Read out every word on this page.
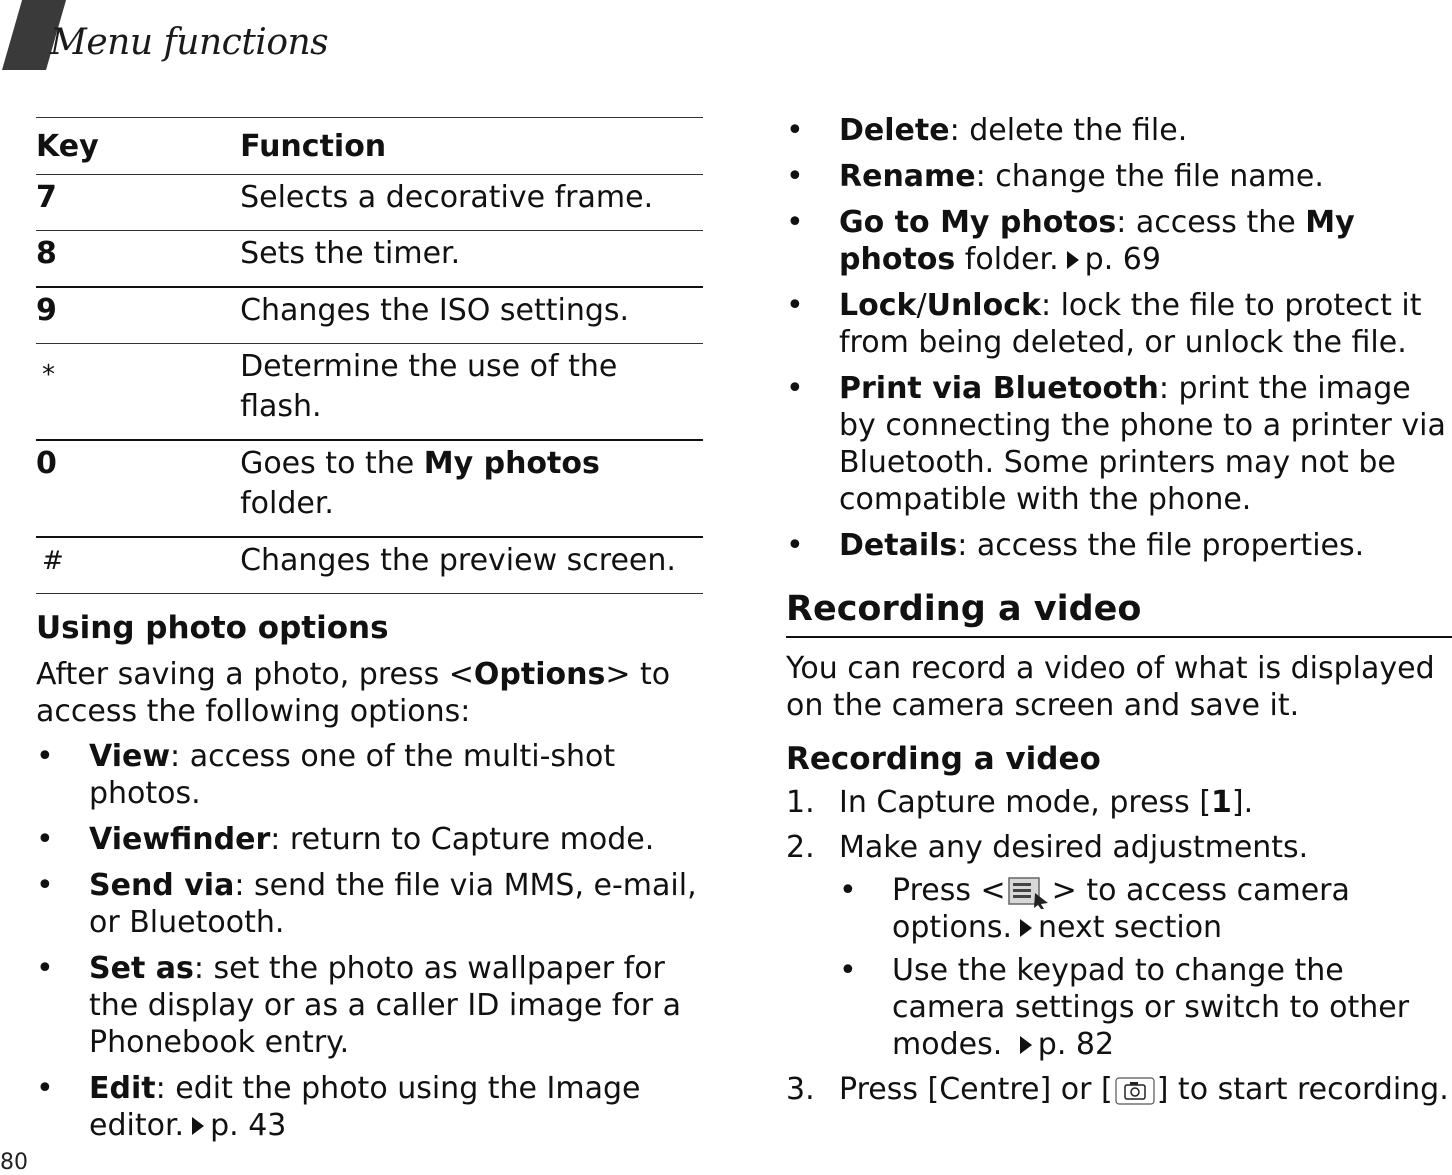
Menu functions
Key	Function
7	Selects a decorative frame.
8	Sets the timer.
9	Changes the ISO settings.
⁎	Determine the use of the flash.
0	Goes to the My photos folder.
#	Changes the preview screen.
Using photo options

After saving a photo, press <Options> to access the following options:

• View: access one of the multi-shot photos.
• Viewfinder: return to Capture mode.
• Send via: send the file via MMS, e-mail, or Bluetooth.
• Set as: set the photo as wallpaper for the display or as a caller ID image for a Phonebook entry.
• Edit: edit the photo using the Image editor. p. 43
• Delete: delete the file.
• Rename: change the file name.
• Go to My photos: access the My photos folder. p. 69
• Lock/Unlock: lock the file to protect it from being deleted, or unlock the file.
• Print via Bluetooth: print the image by connecting the phone to a printer via Bluetooth. Some printers may not be compatible with the phone.
• Details: access the file properties.
Recording a video

You can record a video of what is displayed on the camera screen and save it.

Recording a video
1. In Capture mode, press [1].
2. Make any desired adjustments.
• Press < > to access camera options. next section
• Use the keypad to change the camera settings or switch to other modes. p. 82
3. Press [Centre] or [ ] to start recording.
80
